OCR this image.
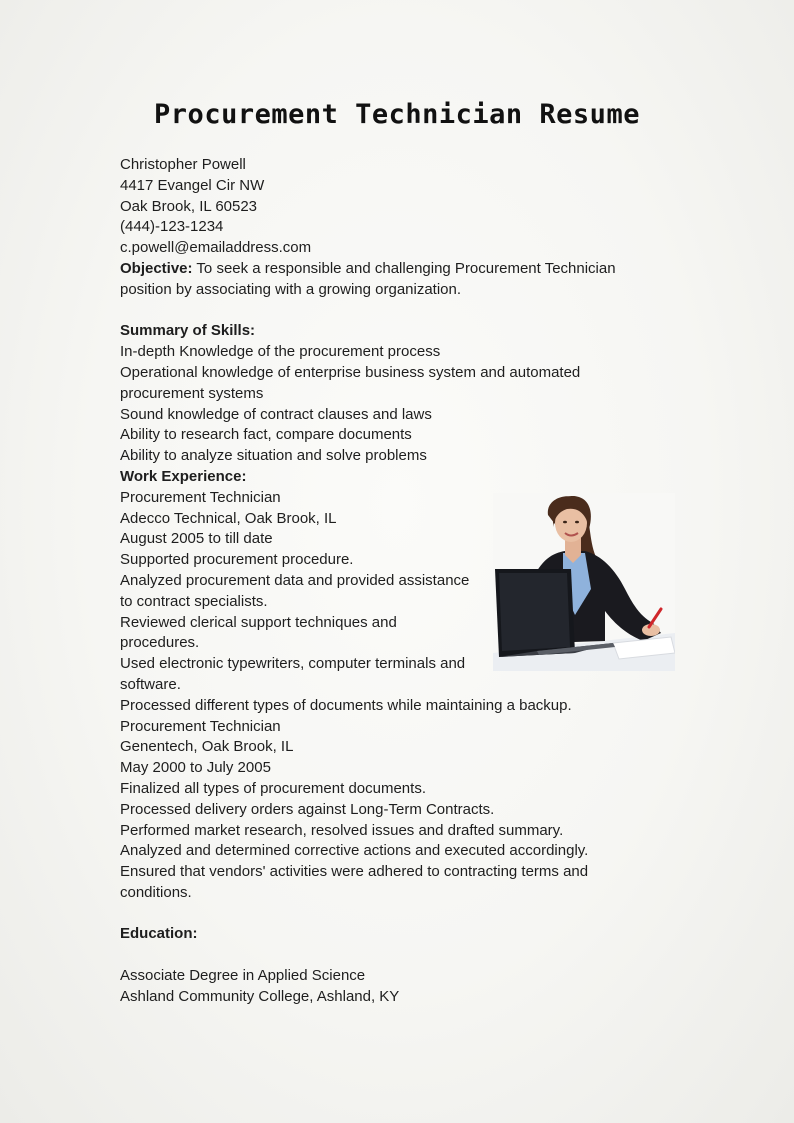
Procurement Technician Resume
Christopher Powell
4417 Evangel Cir NW
Oak Brook, IL 60523
(444)-123-1234
c.powell@emailaddress.com
Objective: To seek a responsible and challenging Procurement Technician
position by associating with a growing organization.
Summary of Skills:
In-depth Knowledge of the procurement process
Operational knowledge of enterprise business system and automated
procurement systems
Sound knowledge of contract clauses and laws
Ability to research fact, compare documents
Ability to analyze situation and solve problems
Work Experience:
Procurement Technician
Adecco Technical, Oak Brook, IL
August 2005 to till date
Supported procurement procedure.
Analyzed procurement data and provided assistance
to contract specialists.
Reviewed clerical support techniques and
procedures.
Used electronic typewriters, computer terminals and
software.
Processed different types of documents while maintaining a backup.
Procurement Technician
Genentech, Oak Brook, IL
May 2000 to July 2005
Finalized all types of procurement documents.
Processed delivery orders against Long-Term Contracts.
Performed market research, resolved issues and drafted summary.
Analyzed and determined corrective actions and executed accordingly.
Ensured that vendors' activities were adhered to contracting terms and
conditions.
Education:
Associate Degree in Applied Science
Ashland Community College, Ashland, KY
